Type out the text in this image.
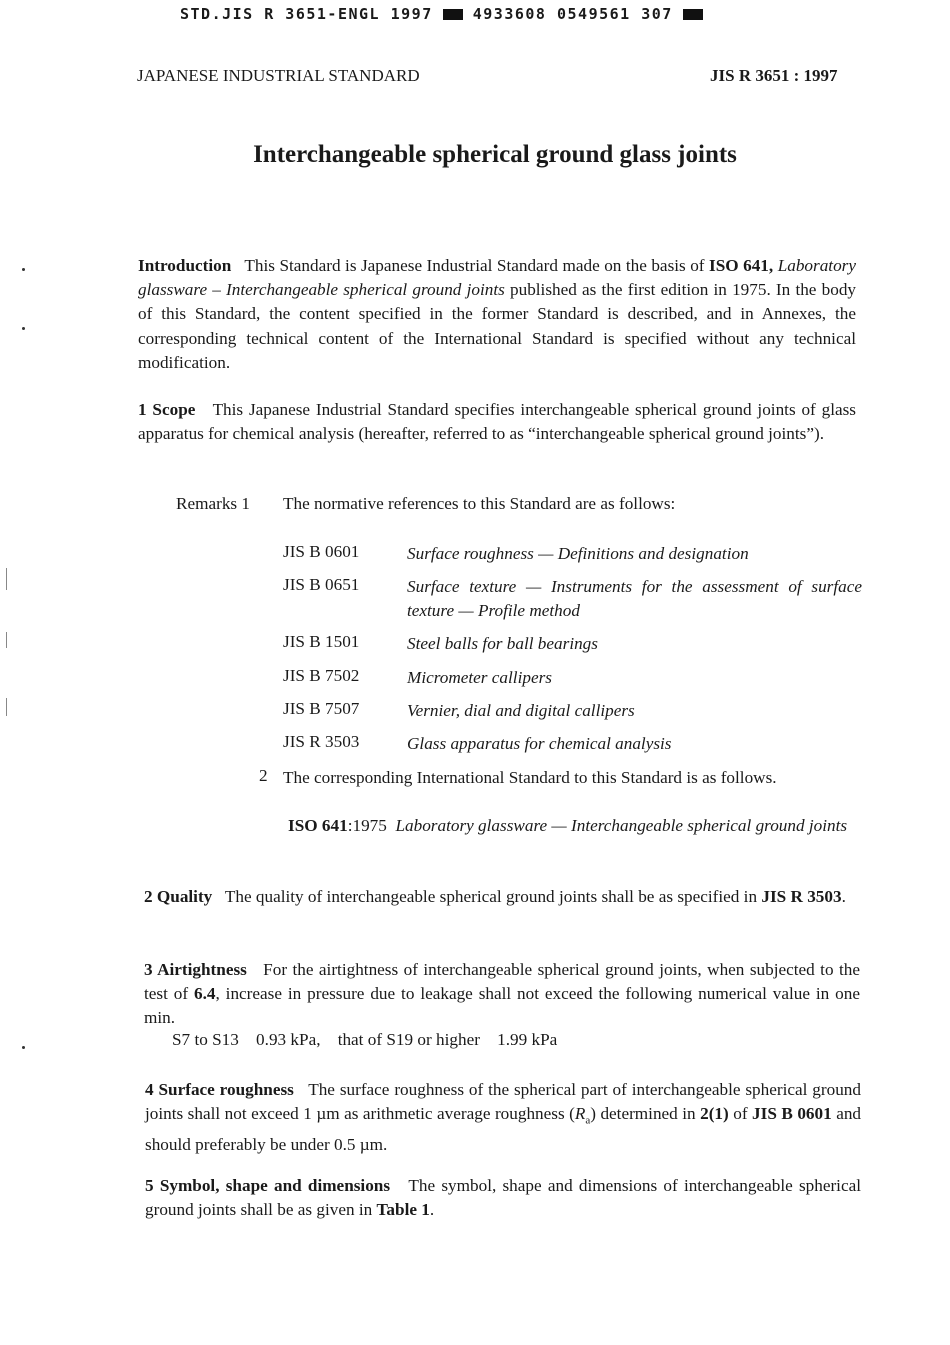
STD.JIS R 3651-ENGL 1997	4933608 0549561 307
JAPANESE INDUSTRIAL STANDARD	JIS R 3651 : 1997
Interchangeable spherical ground glass joints
Introduction This Standard is Japanese Industrial Standard made on the basis of ISO 641, Laboratory glassware – Interchangeable spherical ground joints published as the first edition in 1975. In the body of this Standard, the content specified in the former Standard is described, and in Annexes, the corresponding technical content of the International Standard is specified without any technical modification.
1 Scope This Japanese Industrial Standard specifies interchangeable spherical ground joints of glass apparatus for chemical analysis (hereafter, referred to as “interchangeable spherical ground joints”).
Remarks 1 The normative references to this Standard are as follows:
JIS B 0601	Surface roughness — Definitions and designation
JIS B 0651	Surface texture — Instruments for the assessment of surface texture — Profile method
JIS B 1501	Steel balls for ball bearings
JIS B 7502	Micrometer callipers
JIS B 7507	Vernier, dial and digital callipers
JIS R 3503	Glass apparatus for chemical analysis
2 The corresponding International Standard to this Standard is as follows.
ISO 641:1975 Laboratory glassware — Interchangeable spherical ground joints
2 Quality The quality of interchangeable spherical ground joints shall be as specified in JIS R 3503.
3 Airtightness For the airtightness of interchangeable spherical ground joints, when subjected to the test of 6.4, increase in pressure due to leakage shall not exceed the following numerical value in one min.
S7 to S13    0.93 kPa,    that of S19 or higher    1.99 kPa
4 Surface roughness The surface roughness of the spherical part of interchangeable spherical ground joints shall not exceed 1 µm as arithmetic average roughness $(R_a)$ determined in 2(1) of JIS B 0601 and should preferably be under 0.5 µm.
5 Symbol, shape and dimensions The symbol, shape and dimensions of interchangeable spherical ground joints shall be as given in Table 1.
